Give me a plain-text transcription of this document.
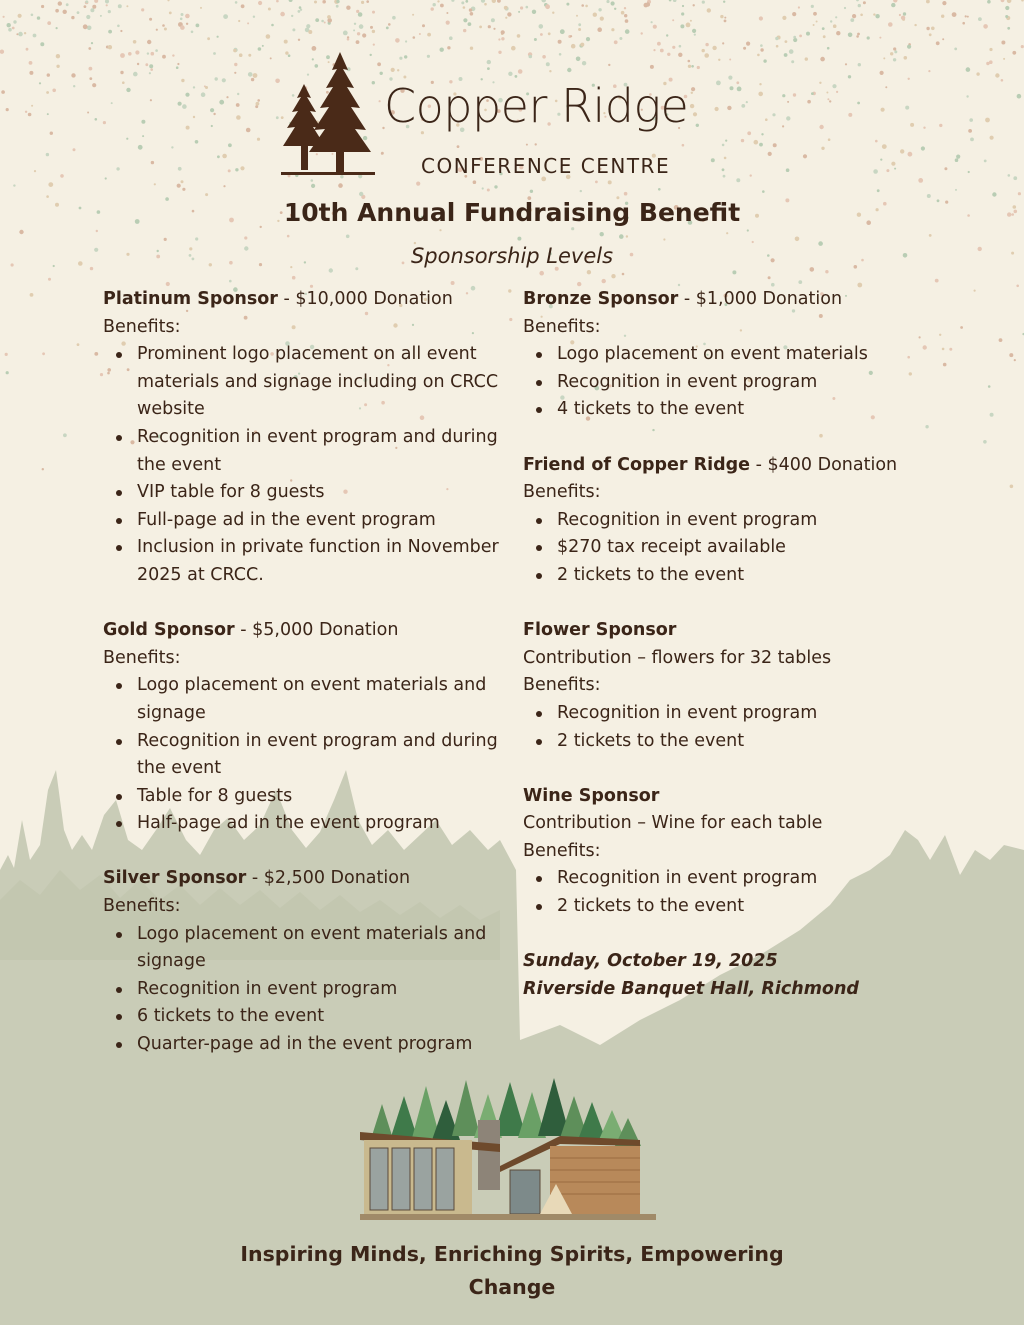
Copper Ridge
CONFERENCE CENTRE
10th Annual Fundraising Benefit
Sponsorship Levels
Platinum Sponsor - $10,000 Donation
Benefits:
Prominent logo placement on all event materials and signage including on CRCC website
Recognition in event program and during the event
VIP table for 8 guests
Full-page ad in the event program
Inclusion in private function in November 2025 at CRCC.
Gold Sponsor - $5,000 Donation
Benefits:
Logo placement on event materials and signage
Recognition in event program and during the event
Table for 8 guests
Half-page ad in the event program
Silver Sponsor - $2,500 Donation
Benefits:
Logo placement on event materials and signage
Recognition in event program
6 tickets to the event
Quarter-page ad in the event program
Bronze Sponsor - $1,000 Donation
Benefits:
Logo placement on event materials
Recognition in event program
4 tickets to the event
Friend of Copper Ridge - $400 Donation
Benefits:
Recognition in event program
$270 tax receipt available
2 tickets to the event
Flower Sponsor
Contribution – flowers for 32 tables
Benefits:
Recognition in event program
2 tickets to the event
Wine Sponsor
Contribution – Wine for each table
Benefits:
Recognition in event program
2 tickets to the event
Sunday, October 19, 2025
Riverside Banquet Hall, Richmond
Inspiring Minds, Enriching Spirits, Empowering Change
